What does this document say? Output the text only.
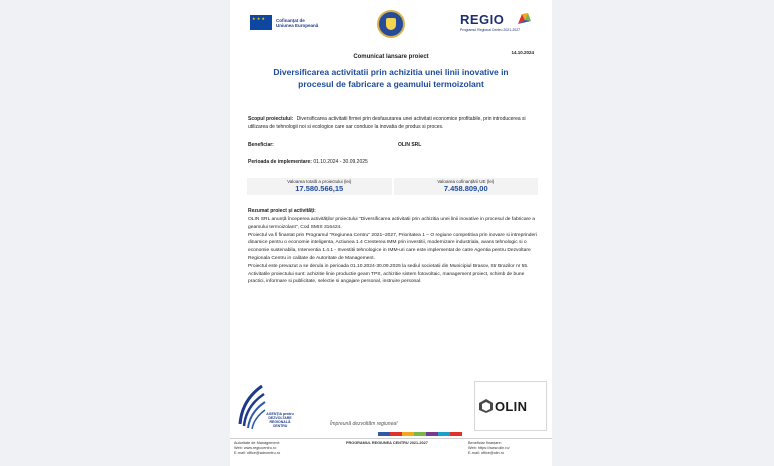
★ ★ ★
Cofinanțat de
Uniunea Europeană	REGIO
Programul Regional Centru 2021-2027
14.10.2024
Comunicat lansare proiect
Diversificarea activitatii prin achizitia unei linii inovative in procesul de fabricare a geamului termoizolant
Scopul proiectului: Diversificarea activitatii firmei prin desfasurarea unei activitati economice profitabile, prin introducerea si utilizarea de tehnologii noi si ecologice care sar conduce la inovatia de produs si proces.
Beneficiar:	OLIN SRL
Perioada de implementare: 01.10.2024 - 30.09.2025
Valoarea totală a proiectului (lei)
17.580.566,15
Valoarea cofinanțării UE (lei)
7.458.809,00
Rezumat proiect și activități:

OLIN SRL anunță începerea activităților proiectului "Diversificarea activitatii prin achizitia unei linii inovative in procesul de fabricare a geamului termoizolant", Cod SMIS 316424.

Proiectul va fi finantat prin Programul "Regiunea Centru" 2021–2027, Prioritatea 1 – O regiune competitiva prin inovare si intreprinderi dinamice pentru o economie inteligenta, Actiunea 1.4 Cresterea IMM prin investitii, modernizare industriala, avans tehnologic si o economie sustenabila, Interventia 1.4.1 - Investitii tehnologice in IMM-uri care este implementat de catre Agentia pentru Dezvoltare Regionala Centru in calitate de Autoritate de Management.

Proiectul este prevazut a se derula in perioada 01.10.2024-30.09.2025 la sediul societatii din Municipiul Brasov, Str Brazilor nr 55.

Activitatile proiectului sunt: achizitie linie productie geam TPS, achizitie sistem fotovoltaic, management proiect, schimb de bune practici, informare si publicitate, selectie si angajare personal, instruire personal.

AGENȚIA pentru
DEZVOLTARE
REGIONALĂ
CENTRU	Împreună dezvoltăm regiunea!
OLIN
Autoritate de Management:
Web: www.regiocentru.ro
E-mail: office@adrcentru.ro
PROGRAMUL REGIUNEA CENTRU 2021-2027	Beneficiar finanțare:
Web: https://www.olin.ro/
E-mail: office@olin.ro
